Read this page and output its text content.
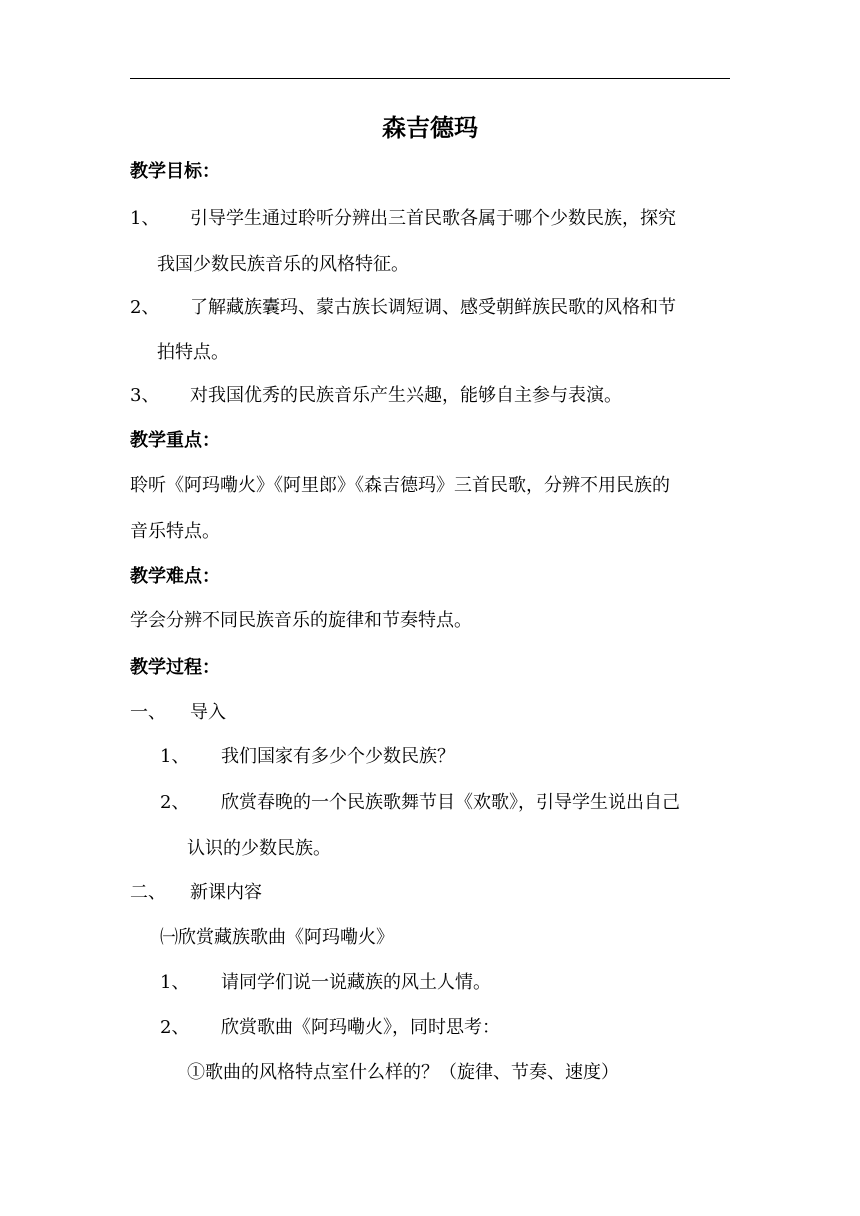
森吉德玛
教学目标：
1、 引导学生通过聆听分辨出三首民歌各属于哪个少数民族，探究
我国少数民族音乐的风格特征。
2、 了解藏族囊玛、蒙古族长调短调、感受朝鲜族民歌的风格和节
拍特点。
3、 对我国优秀的民族音乐产生兴趣，能够自主参与表演。
教学重点：
聆听《阿玛嘞火》《阿里郎》《森吉德玛》三首民歌，分辨不用民族的
音乐特点。
教学难点：
学会分辨不同民族音乐的旋律和节奏特点。
教学过程：
一、 导入
1、 我们国家有多少个少数民族？
2、 欣赏春晚的一个民族歌舞节目《欢歌》，引导学生说出自己
认识的少数民族。
二、 新课内容
㈠欣赏藏族歌曲《阿玛嘞火》
1、 请同学们说一说藏族的风土人情。
2、 欣赏歌曲《阿玛嘞火》，同时思考：
①歌曲的风格特点室什么样的？（旋律、节奏、速度）
